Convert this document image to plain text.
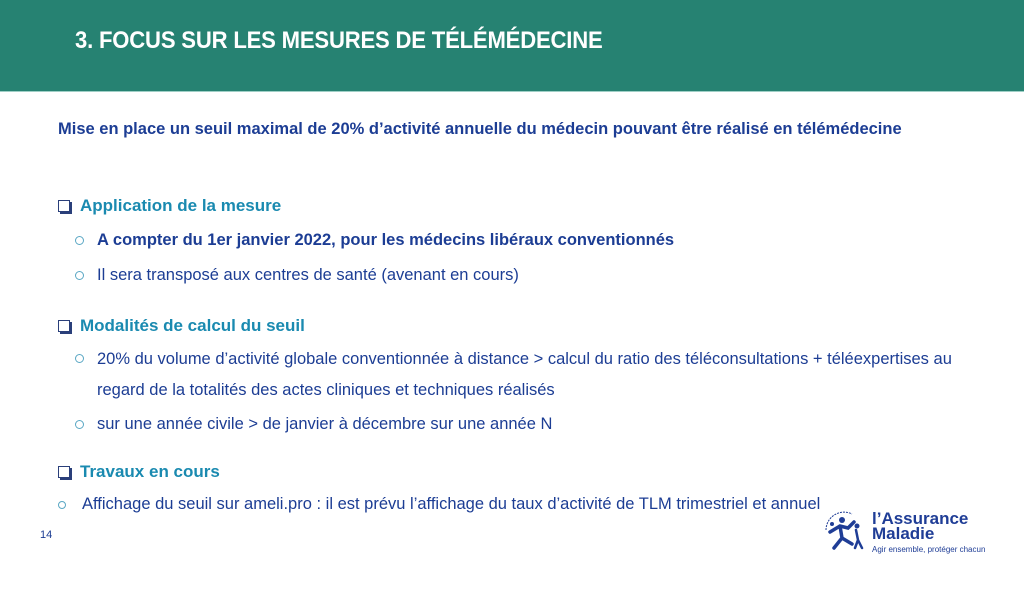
3. FOCUS SUR LES MESURES DE TÉLÉMÉDECINE
Mise en place un seuil maximal de 20% d’activité annuelle du médecin pouvant être réalisé en télémédecine
Application de la mesure
A compter du 1er janvier 2022, pour les médecins libéraux conventionnés
Il sera transposé aux centres de santé (avenant en cours)
Modalités de calcul du seuil
20% du volume d’activité globale conventionnée à distance > calcul du ratio des téléconsultations + téléexpertises au regard de la totalités des actes cliniques et techniques réalisés
sur une année civile > de janvier à décembre sur une année N
Travaux en cours
Affichage du seuil sur ameli.pro : il est prévu l’affichage du taux d’activité de TLM trimestriel et annuel
14
l’Assurance
Maladie
Agir ensemble, protéger chacun
